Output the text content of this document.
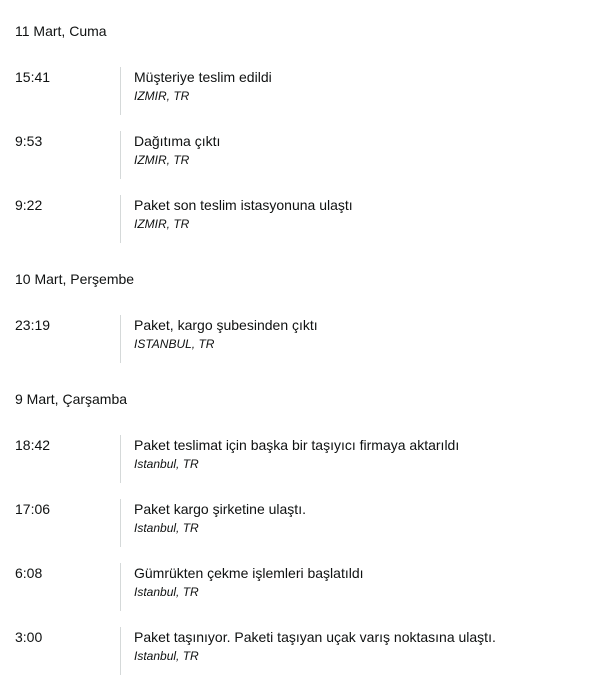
11 Mart, Cuma
15:41	Müşteriye teslim edildi
IZMIR, TR
9:53	Dağıtıma çıktı
IZMIR, TR
9:22	Paket son teslim istasyonuna ulaştı
IZMIR, TR
10 Mart, Perşembe
23:19	Paket, kargo şubesinden çıktı
ISTANBUL, TR
9 Mart, Çarşamba
18:42	Paket teslimat için başka bir taşıyıcı firmaya aktarıldı
Istanbul, TR
17:06	Paket kargo şirketine ulaştı.
Istanbul, TR
6:08	Gümrükten çekme işlemleri başlatıldı
Istanbul, TR
3:00	Paket taşınıyor. Paketi taşıyan uçak varış noktasına ulaştı.
Istanbul, TR
